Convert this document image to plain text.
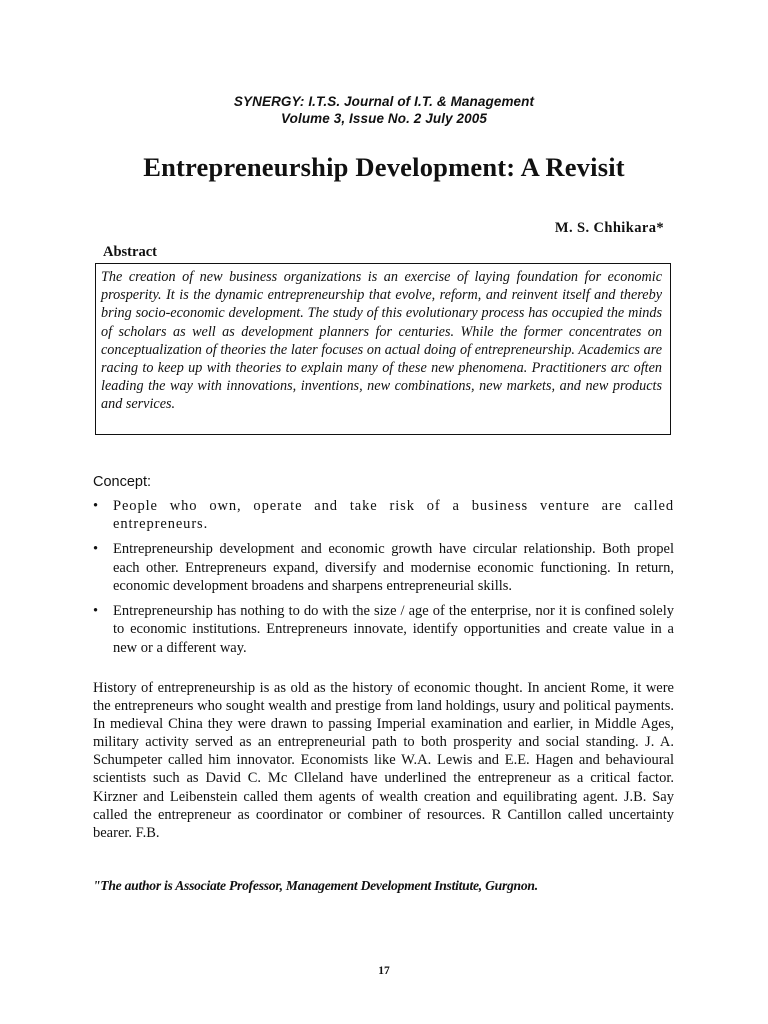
SYNERGY: I.T.S. Journal of I.T. & Management
Volume 3, Issue No. 2 July 2005
Entrepreneurship Development: A Revisit
M. S. Chhikara*
Abstract
The creation of new business organizations is an exercise of laying foundation for economic prosperity. It is the dynamic entrepreneurship that evolve, reform, and reinvent itself and thereby bring socio-economic development. The study of this evolutionary process has occupied the minds of scholars as well as development planners for centuries. While the former concentrates on conceptualization of theories the later focuses on actual doing of entrepreneurship. Academics are racing to keep up with theories to explain many of these new phenomena. Practitioners arc often leading the way with innovations, inventions, new combinations, new markets, and new products and services.
Concept:
• People who own, operate and take risk of a business venture are called entrepreneurs.
• Entrepreneurship development and economic growth have circular relationship. Both propel each other. Entrepreneurs expand, diversify and modernise economic functioning. In return, economic development broadens and sharpens entrepreneurial skills.
• Entrepreneurship has nothing to do with the size / age of the enterprise, nor it is confined solely to economic institutions. Entrepreneurs innovate, identify opportunities and create value in a new or a different way.

History of entrepreneurship is as old as the history of economic thought. In ancient Rome, it were the entrepreneurs who sought wealth and prestige from land holdings, usury and political payments. In medieval China they were drawn to passing Imperial examination and earlier, in Middle Ages, military activity served as an entrepreneurial path to both prosperity and social standing. J. A. Schumpeter called him innovator. Economists like W.A. Lewis and E.E. Hagen and behavioural scientists such as David C. Mc Clleland have underlined the entrepreneur as a critical factor. Kirzner and Leibenstein called them agents of wealth creation and equilibrating agent. J.B. Say called the entrepreneur as coordinator or combiner of resources. R Cantillon called uncertainty bearer. F.B.

"The author is Associate Professor, Management Development Institute, Gurgnon.
17
